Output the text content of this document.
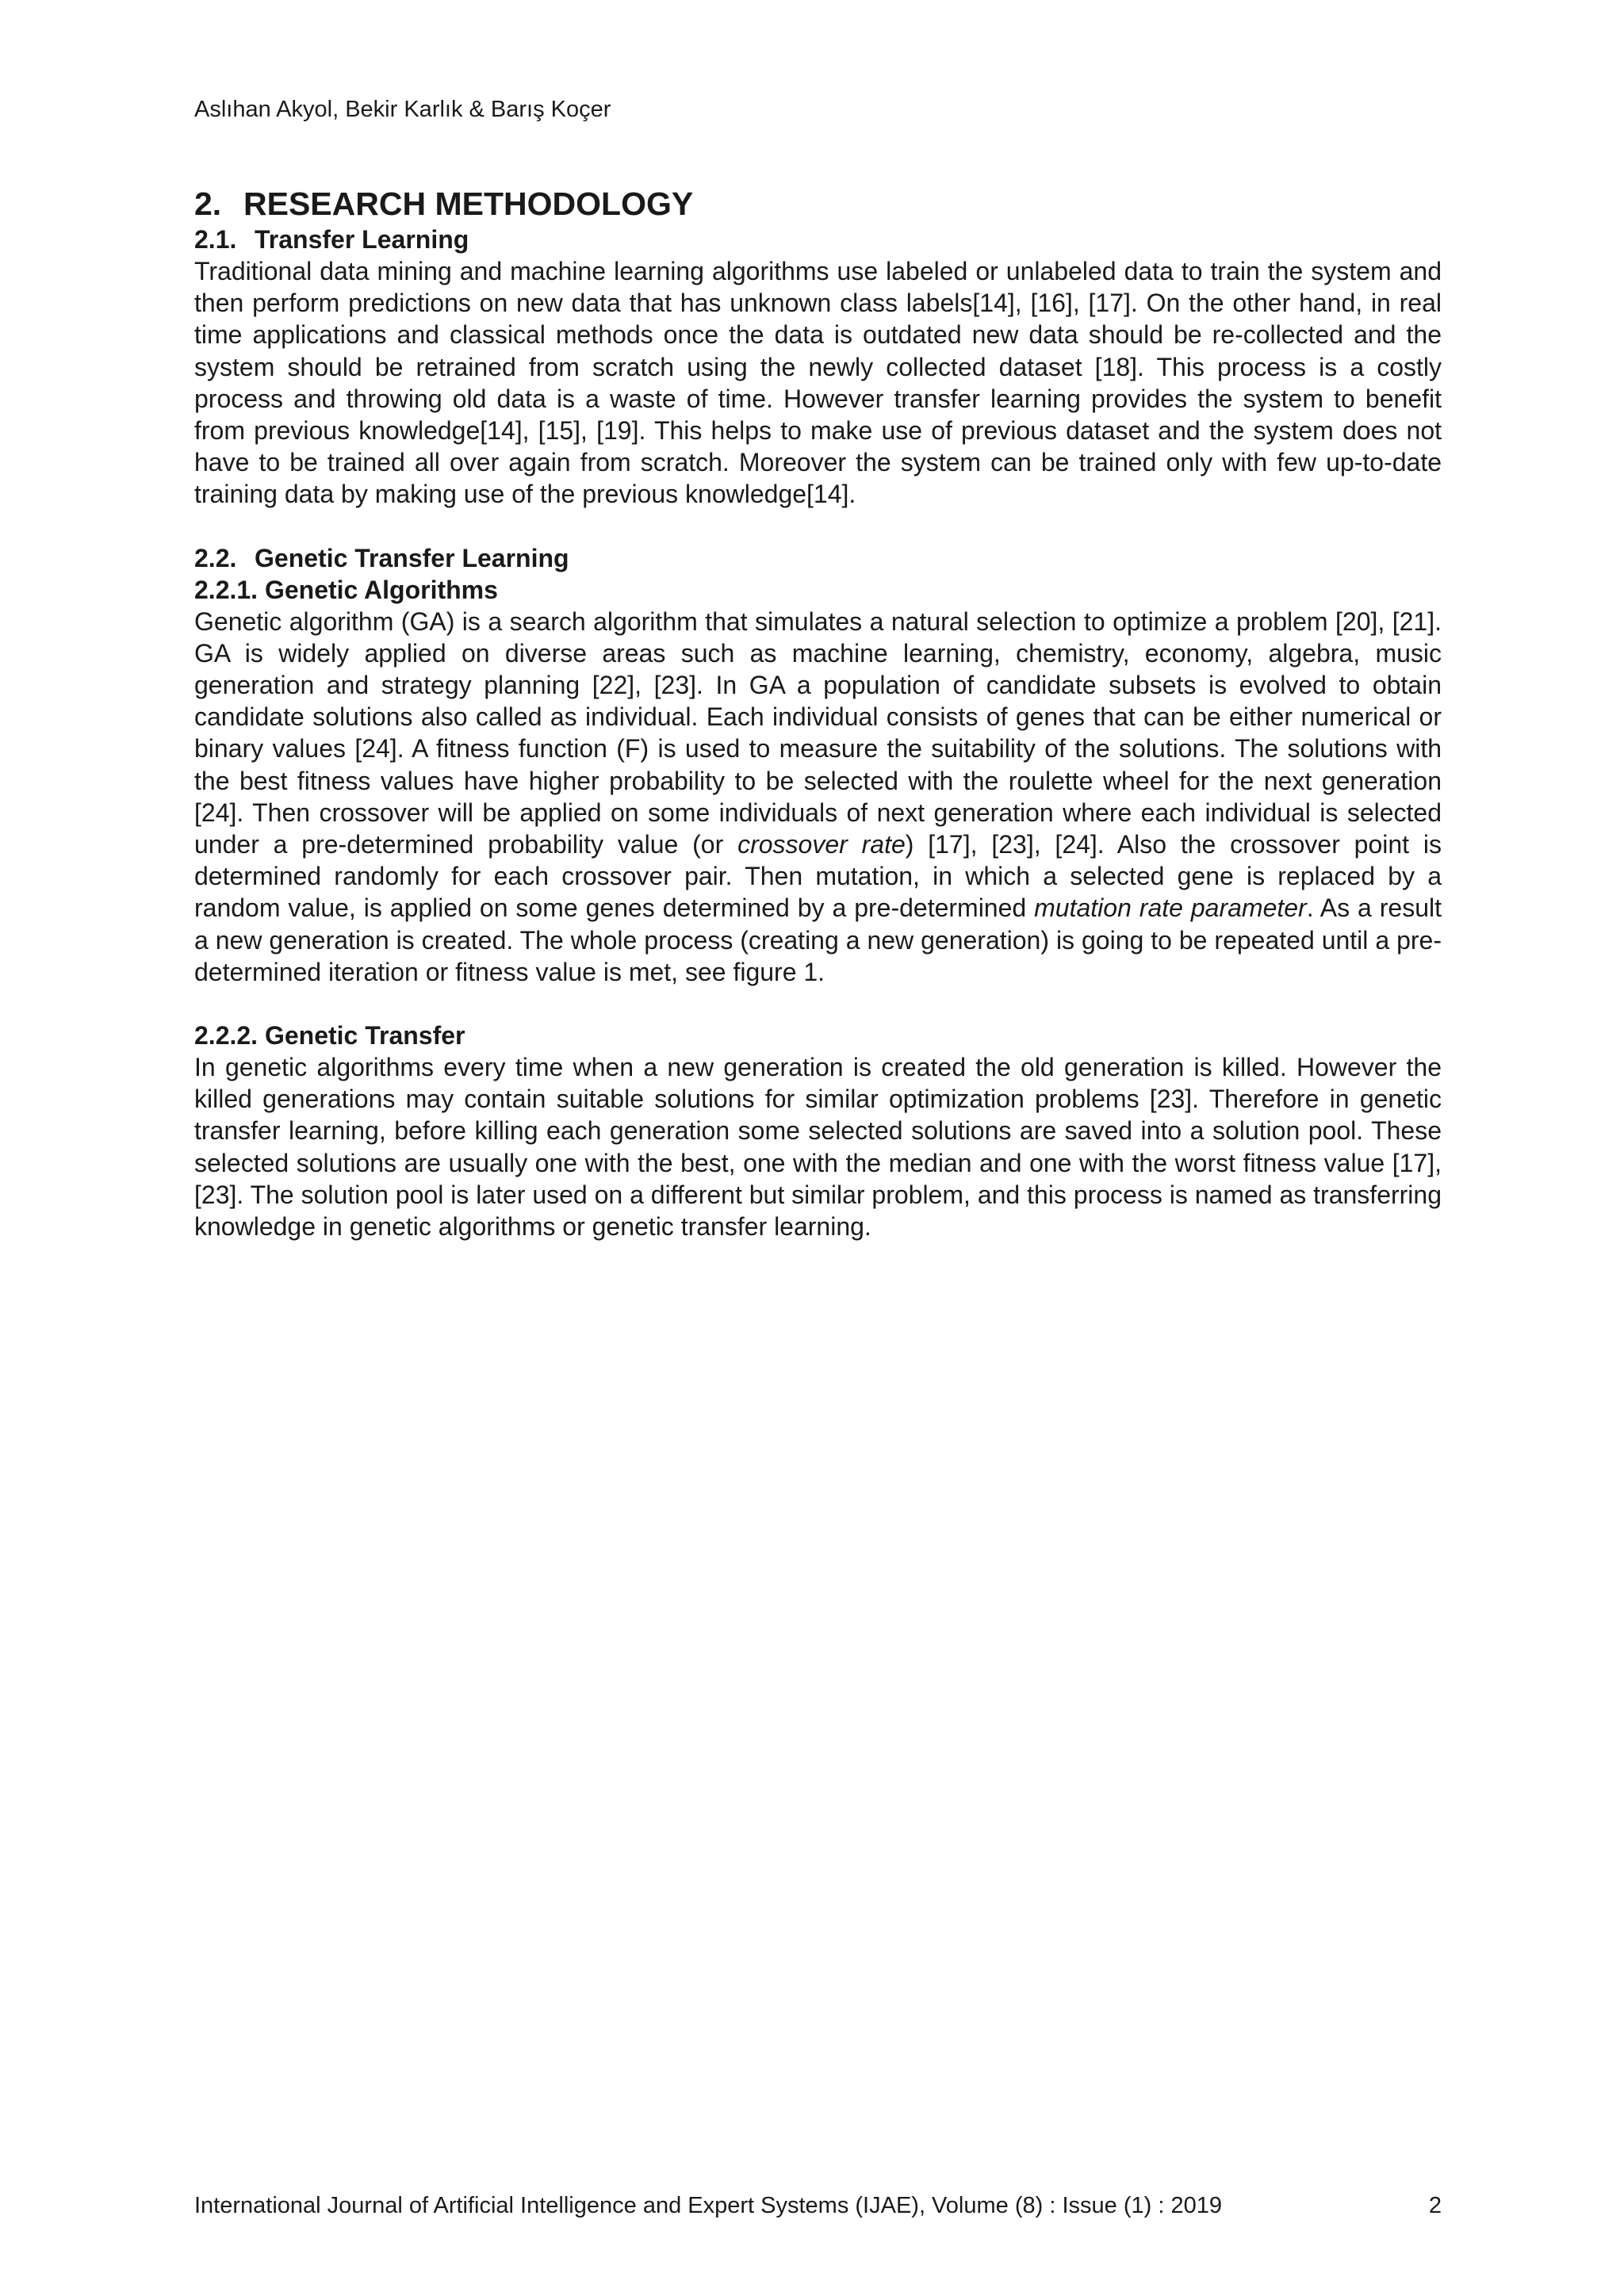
Aslıhan Akyol, Bekir Karlık & Barış Koçer
2. RESEARCH METHODOLOGY
2.1. Transfer Learning

Traditional data mining and machine learning algorithms use labeled or unlabeled data to train the system and then perform predictions on new data that has unknown class labels[14], [16], [17]. On the other hand, in real time applications and classical methods once the data is outdated new data should be re-collected and the system should be retrained from scratch using the newly collected dataset [18]. This process is a costly process and throwing old data is a waste of time. However transfer learning provides the system to benefit from previous knowledge[14], [15], [19]. This helps to make use of previous dataset and the system does not have to be trained all over again from scratch. Moreover the system can be trained only with few up-to-date training data by making use of the previous knowledge[14].

2.2. Genetic Transfer Learning
2.2.1. Genetic Algorithms

Genetic algorithm (GA) is a search algorithm that simulates a natural selection to optimize a problem [20], [21]. GA is widely applied on diverse areas such as machine learning, chemistry, economy, algebra, music generation and strategy planning [22], [23]. In GA a population of candidate subsets is evolved to obtain candidate solutions also called as individual. Each individual consists of genes that can be either numerical or binary values [24]. A fitness function (F) is used to measure the suitability of the solutions. The solutions with the best fitness values have higher probability to be selected with the roulette wheel for the next generation [24]. Then crossover will be applied on some individuals of next generation where each individual is selected under a pre-determined probability value (or crossover rate) [17], [23], [24]. Also the crossover point is determined randomly for each crossover pair. Then mutation, in which a selected gene is replaced by a random value, is applied on some genes determined by a pre-determined mutation rate parameter. As a result a new generation is created. The whole process (creating a new generation) is going to be repeated until a pre-determined iteration or fitness value is met, see figure 1.

2.2.2. Genetic Transfer

In genetic algorithms every time when a new generation is created the old generation is killed. However the killed generations may contain suitable solutions for similar optimization problems [23]. Therefore in genetic transfer learning, before killing each generation some selected solutions are saved into a solution pool. These selected solutions are usually one with the best, one with the median and one with the worst fitness value [17], [23]. The solution pool is later used on a different but similar problem, and this process is named as transferring knowledge in genetic algorithms or genetic transfer learning.

International Journal of Artificial Intelligence and Expert Systems (IJAE), Volume (8) : Issue (1) : 2019	2
